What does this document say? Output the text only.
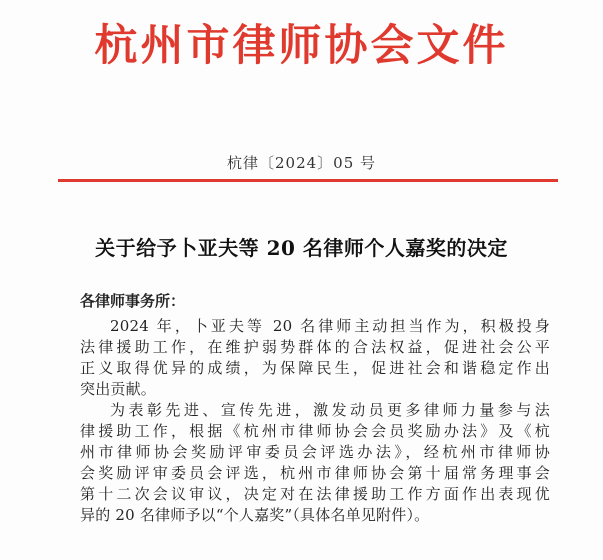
杭州市律师协会文件
杭律〔2024〕05 号
关于给予卜亚夫等 20 名律师个人嘉奖的决定
各律师事务所：
2024 年，卜亚夫等 20 名律师主动担当作为，积极投身
法律援助工作，在维护弱势群体的合法权益，促进社会公平
正义取得优异的成绩，为保障民生，促进社会和谐稳定作出
突出贡献。
为表彰先进、宣传先进，激发动员更多律师力量参与法
律援助工作，根据《杭州市律师协会会员奖励办法》及《杭
州市律师协会奖励评审委员会评选办法》，经杭州市律师协
会奖励评审委员会评选，杭州市律师协会第十届常务理事会
第十二次会议审议，决定对在法律援助工作方面作出表现优
异的 20 名律师予以“个人嘉奖”（具体名单见附件）。
